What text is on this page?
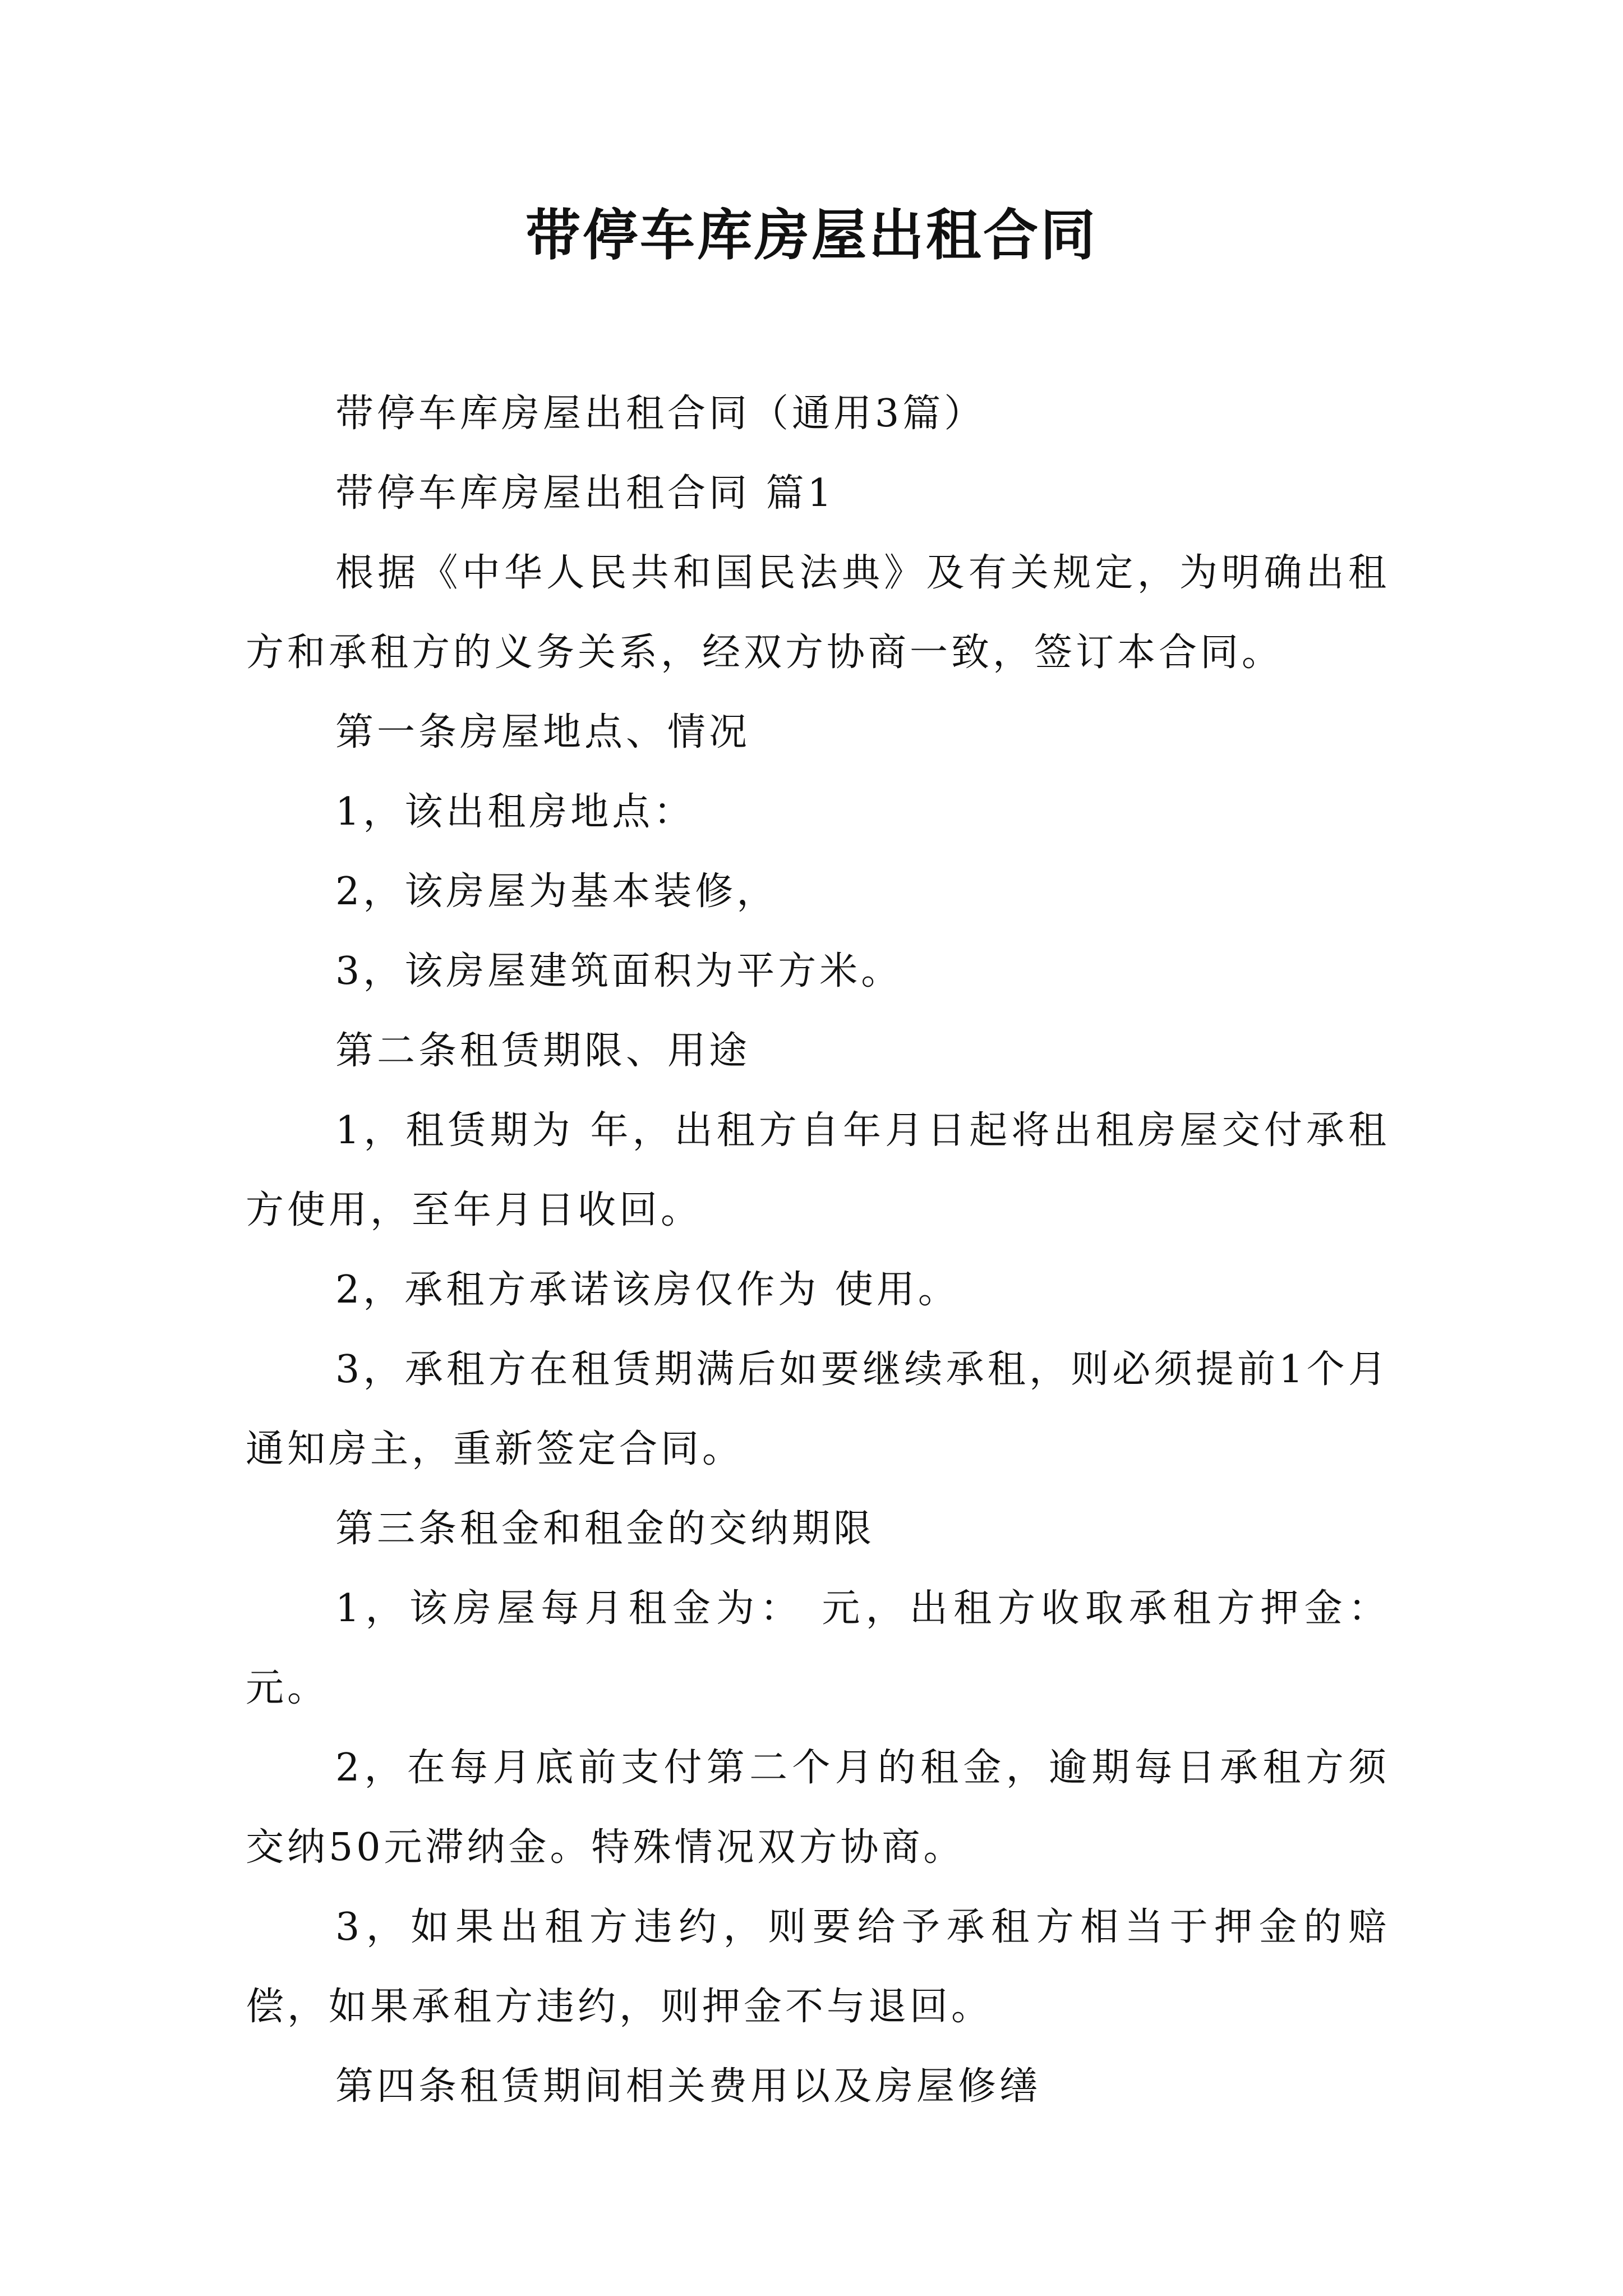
带停车库房屋出租合同

带停车库房屋出租合同（通用3篇）

带停车库房屋出租合同 篇1

根据《中华人民共和国民法典》及有关规定，为明确出租方和承租方的义务关系，经双方协商一致，签订本合同。

第一条房屋地点、情况

1，该出租房地点：

2，该房屋为基本装修，

3，该房屋建筑面积为平方米。

第二条租赁期限、用途

1，租赁期为 年，出租方自年月日起将出租房屋交付承租方使用，至年月日收回。

2，承租方承诺该房仅作为 使用。

3，承租方在租赁期满后如要继续承租，则必须提前1个月通知房主，重新签定合同。

第三条租金和租金的交纳期限

1，该房屋每月租金为： 元，出租方收取承租方押金：元。

2，在每月底前支付第二个月的租金，逾期每日承租方须交纳50元滞纳金。特殊情况双方协商。

3，如果出租方违约，则要给予承租方相当于押金的赔偿，如果承租方违约，则押金不与退回。

第四条租赁期间相关费用以及房屋修缮
